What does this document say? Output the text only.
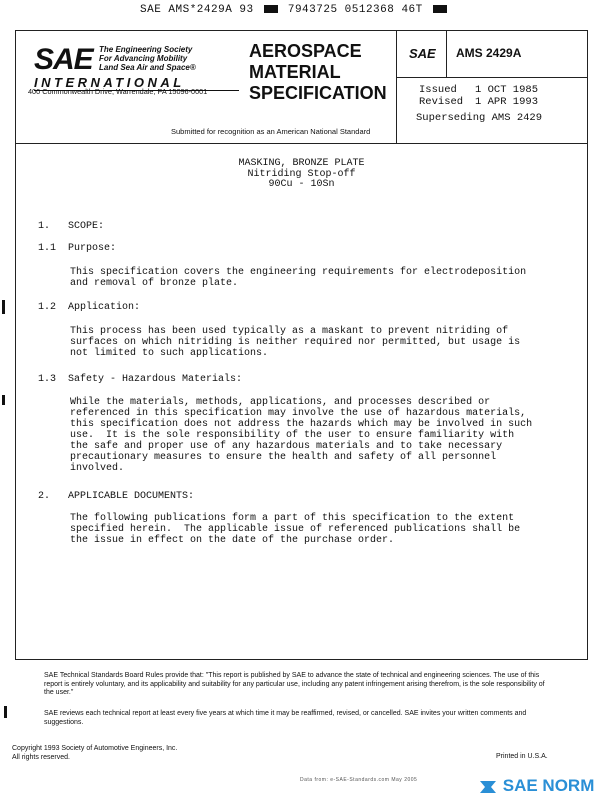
SAE AMS*2429A 93	7943725 0512368 46T
SAE The Engineering Society
For Advancing Mobility
Land Sea Air and Space®
INTERNATIONAL
400 Commonwealth Drive, Warrendale, PA 15096-0001
AEROSPACE
MATERIAL
SPECIFICATION
Submitted for recognition as an American National Standard
SAE AMS 2429A
Issued 1 OCT 1985
Revised 1 APR 1993
Superseding AMS 2429
MASKING, BRONZE PLATE
Nitriding Stop-off
90Cu - 10Sn
1. SCOPE:
1.1 Purpose:
This specification covers the engineering requirements for electrodeposition
and removal of bronze plate.
1.2 Application:
This process has been used typically as a maskant to prevent nitriding of
surfaces on which nitriding is neither required nor permitted, but usage is
not limited to such applications.
1.3 Safety - Hazardous Materials:
While the materials, methods, applications, and processes described or
referenced in this specification may involve the use of hazardous materials,
this specification does not address the hazards which may be involved in such
use.  It is the sole responsibility of the user to ensure familiarity with
the safe and proper use of any hazardous materials and to take necessary
precautionary measures to ensure the health and safety of all personnel
involved.
2. APPLICABLE DOCUMENTS:
The following publications form a part of this specification to the extent
specified herein.  The applicable issue of referenced publications shall be
the issue in effect on the date of the purchase order.
SAE Technical Standards Board Rules provide that: "This report is published by SAE to advance the state of technical and engineering sciences. The use of this report is entirely voluntary, and its applicability and suitability for any particular use, including any patent infringement arising therefrom, is the sole responsibility of the user."
SAE reviews each technical report at least every five years at which time it may be reaffirmed, revised, or cancelled. SAE invites your written comments and suggestions.
Copyright 1993 Society of Automotive Engineers, Inc.
All rights reserved.	Printed in U.S.A.
Data from: e-SAE-Standards.com May 2005	SAE NORM
